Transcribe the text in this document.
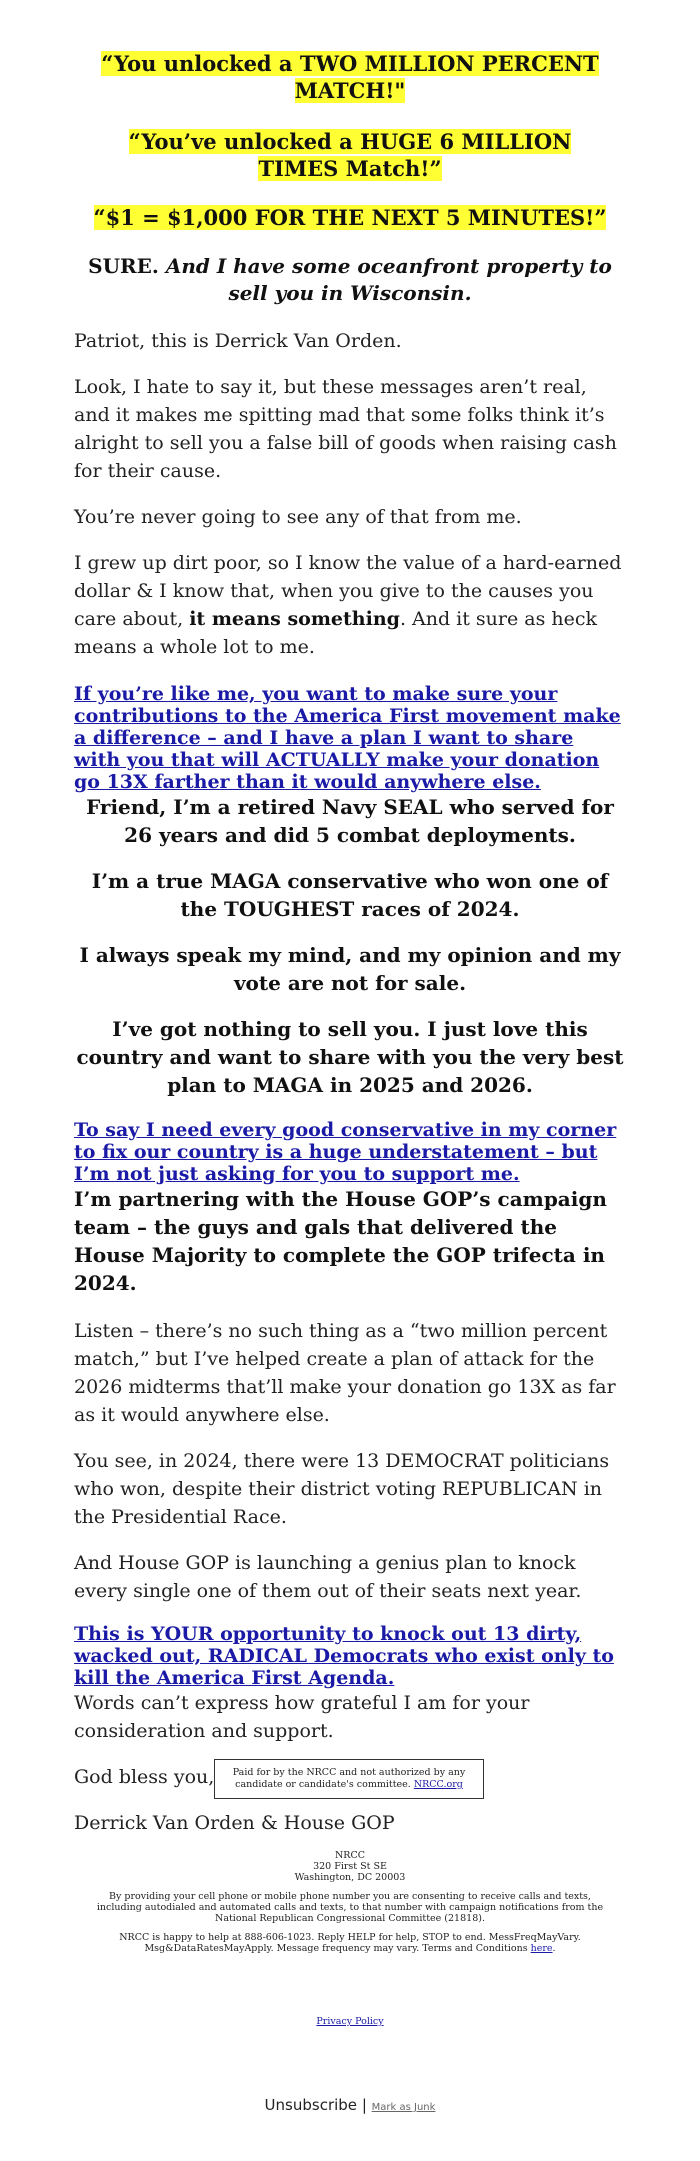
“You unlocked a TWO MILLION PERCENT MATCH!"

“You’ve unlocked a HUGE 6 MILLION TIMES Match!”

“$1 = $1,000 FOR THE NEXT 5 MINUTES!”

SURE. And I have some oceanfront property to sell you in Wisconsin.

Patriot, this is Derrick Van Orden.

Look, I hate to say it, but these messages aren’t real, and it makes me spitting mad that some folks think it’s alright to sell you a false bill of goods when raising cash for their cause.

You’re never going to see any of that from me.

I grew up dirt poor, so I know the value of a hard-earned dollar & I know that, when you give to the causes you care about, it means something. And it sure as heck means a whole lot to me.

If you’re like me, you want to make sure your contributions to the America First movement make a difference – and I have a plan I want to share with you that will ACTUALLY make your donation go 13X farther than it would anywhere else.

Friend, I’m a retired Navy SEAL who served for 26 years and did 5 combat deployments.

I’m a true MAGA conservative who won one of the TOUGHEST races of 2024.

I always speak my mind, and my opinion and my vote are not for sale.

I’ve got nothing to sell you. I just love this country and want to share with you the very best plan to MAGA in 2025 and 2026.

To say I need every good conservative in my corner to fix our country is a huge understatement – but I’m not just asking for you to support me.

I’m partnering with the House GOP’s campaign team – the guys and gals that delivered the House Majority to complete the GOP trifecta in 2024.

Listen – there’s no such thing as a “two million percent match,” but I’ve helped create a plan of attack for the 2026 midterms that’ll make your donation go 13X as far as it would anywhere else.

You see, in 2024, there were 13 DEMOCRAT politicians who won, despite their district voting REPUBLICAN in the Presidential Race.

And House GOP is launching a genius plan to knock every single one of them out of their seats next year.

This is YOUR opportunity to knock out 13 dirty, wacked out, RADICAL Democrats who exist only to kill the America First Agenda.

Words can’t express how grateful I am for your consideration and support.

God bless you,

Derrick Van Orden & House GOP

Paid for by the NRCC and not authorized by any candidate or candidate's committee. NRCC.org

NRCC
320 First St SE
Washington, DC 20003

By providing your cell phone or mobile phone number you are consenting to receive calls and texts, including autodialed and automated calls and texts, to that number with campaign notifications from the National Republican Congressional Committee (21818).

NRCC is happy to help at 888-606-1023. Reply HELP for help, STOP to end. MessFreqMayVary. Msg&DataRatesMayApply. Message frequency may vary. Terms and Conditions here.

Privacy Policy
Unsubscribe | Mark as Junk
